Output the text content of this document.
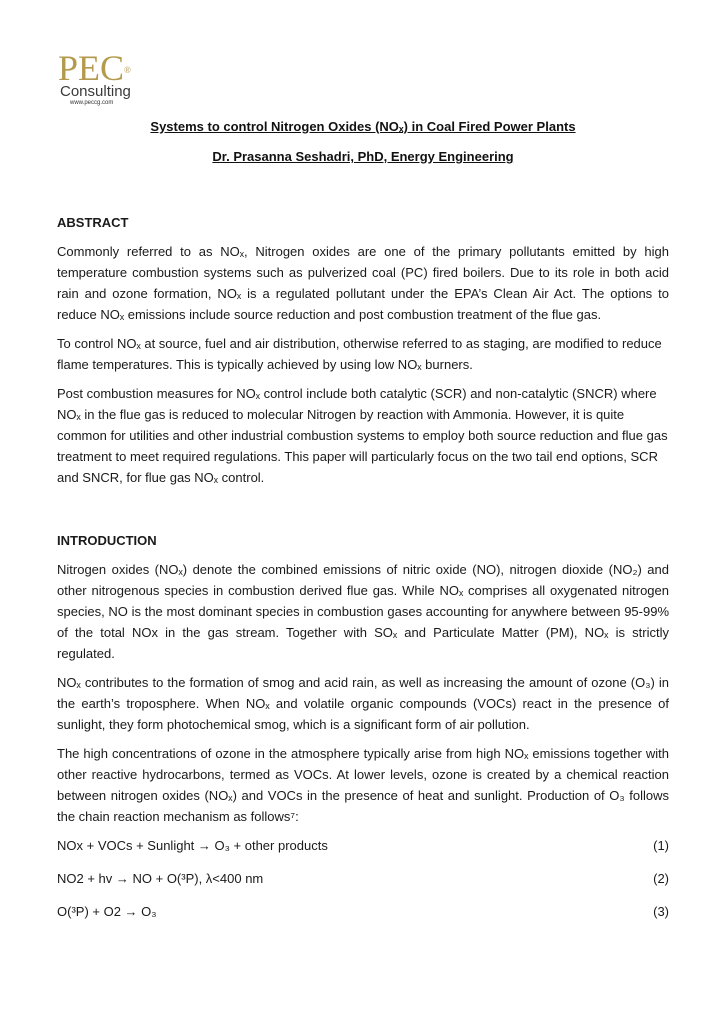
PEC®
Consulting
www.peccg.com
Systems to control Nitrogen Oxides (NOₓ) in Coal Fired Power Plants
Dr. Prasanna Seshadri, PhD, Energy Engineering
ABSTRACT

Commonly referred to as NOₓ, Nitrogen oxides are one of the primary pollutants emitted by high temperature combustion systems such as pulverized coal (PC) fired boilers. Due to its role in both acid rain and ozone formation, NOₓ is a regulated pollutant under the EPA’s Clean Air Act. The options to reduce NOₓ emissions include source reduction and post combustion treatment of the flue gas.

To control NOₓ at source, fuel and air distribution, otherwise referred to as staging, are modified to reduce flame temperatures. This is typically achieved by using low NOₓ burners.

Post combustion measures for NOₓ control include both catalytic (SCR) and non-catalytic (SNCR) where NOₓ in the flue gas is reduced to molecular Nitrogen by reaction with Ammonia. However, it is quite common for utilities and other industrial combustion systems to employ both source reduction and flue gas treatment to meet required regulations. This paper will particularly focus on the two tail end options, SCR and SNCR, for flue gas NOₓ control.

INTRODUCTION

Nitrogen oxides (NOₓ) denote the combined emissions of nitric oxide (NO), nitrogen dioxide (NO₂) and other nitrogenous species in combustion derived flue gas. While NOₓ comprises all oxygenated nitrogen species, NO is the most dominant species in combustion gases accounting for anywhere between 95-99% of the total NOx in the gas stream. Together with SOₓ and Particulate Matter (PM), NOₓ is strictly regulated.

NOₓ contributes to the formation of smog and acid rain, as well as increasing the amount of ozone (O₃) in the earth’s troposphere. When NOₓ and volatile organic compounds (VOCs) react in the presence of sunlight, they form photochemical smog, which is a significant form of air pollution.

The high concentrations of ozone in the atmosphere typically arise from high NOₓ emissions together with other reactive hydrocarbons, termed as VOCs. At lower levels, ozone is created by a chemical reaction between nitrogen oxides (NOₓ) and VOCs in the presence of heat and sunlight. Production of O₃ follows the chain reaction mechanism as follows⁷:

NOx + VOCs + Sunlight → O₃ + other products	(1)
NO2 + hv → NO + O(³P), λ<400 nm	(2)
O(³P) + O2 → O₃	(3)
